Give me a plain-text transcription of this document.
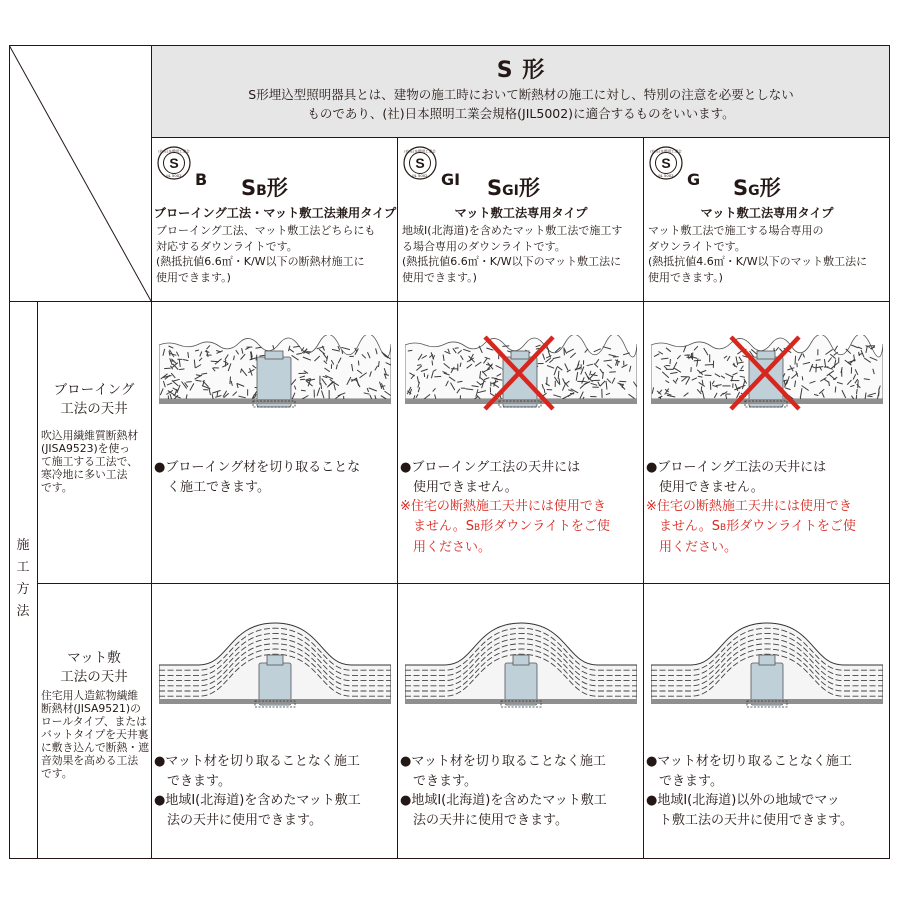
S 形
S形埋込型照明器具とは、建物の施工時において断熱材の施工に対し、特別の注意を必要としない
ものであり、(社)日本照明工業会規格(JIL5002)に適合するものをいいます。
S
(社)日本照明工業会
JIL 5002 B SB形
ブローイング工法・マット敷工法兼用タイプ
ブローイング工法、マット敷工法どちらにも
対応するダウンライトです。
(熱抵抗値6.6㎡・K/W以下の断熱材施工に
使用できます。)
S
(社)日本照明工業会
JIL 5002 GI SGI形
マット敷工法専用タイプ
地域Ⅰ(北海道)を含めたマット敷工法で施工す
る場合専用のダウンライトです。
(熱抵抗値6.6㎡・K/W以下のマット敷工法に
使用できます。)
S
(社)日本照明工業会
JIL 5002 G SG形
マット敷工法専用タイプ
マット敷工法で施工する場合専用の
ダウンライトです。
(熱抵抗値4.6㎡・K/W以下のマット敷工法に
使用できます。)
施
工
方
法
ブローイング
工法の天井
吹込用繊維質断熱材
(JISA9523)を使っ
て施工する工法で、
寒冷地に多い工法
です。
マット敷
工法の天井
住宅用人造鉱物繊維
断熱材(JISA9521)の
ロールタイプ、または
バットタイプを天井裏
に敷き込んで断熱・遮
音効果を高める工法
です。
●ブローイング材を切り取ることな
　く施工できます。
●ブローイング工法の天井には
　使用できません。
※住宅の断熱施工天井には使用でき
　ません。SB形ダウンライトをご使
　用ください。
●ブローイング工法の天井には
　使用できません。
※住宅の断熱施工天井には使用でき
　ません。SB形ダウンライトをご使
　用ください。
●マット材を切り取ることなく施工
　できます。
●地域Ⅰ(北海道)を含めたマット敷工
　法の天井に使用できます。
●マット材を切り取ることなく施工
　できます。
●地域Ⅰ(北海道)を含めたマット敷工
　法の天井に使用できます。
●マット材を切り取ることなく施工
　できます。
●地域Ⅰ(北海道)以外の地域でマッ
　ト敷工法の天井に使用できます。
